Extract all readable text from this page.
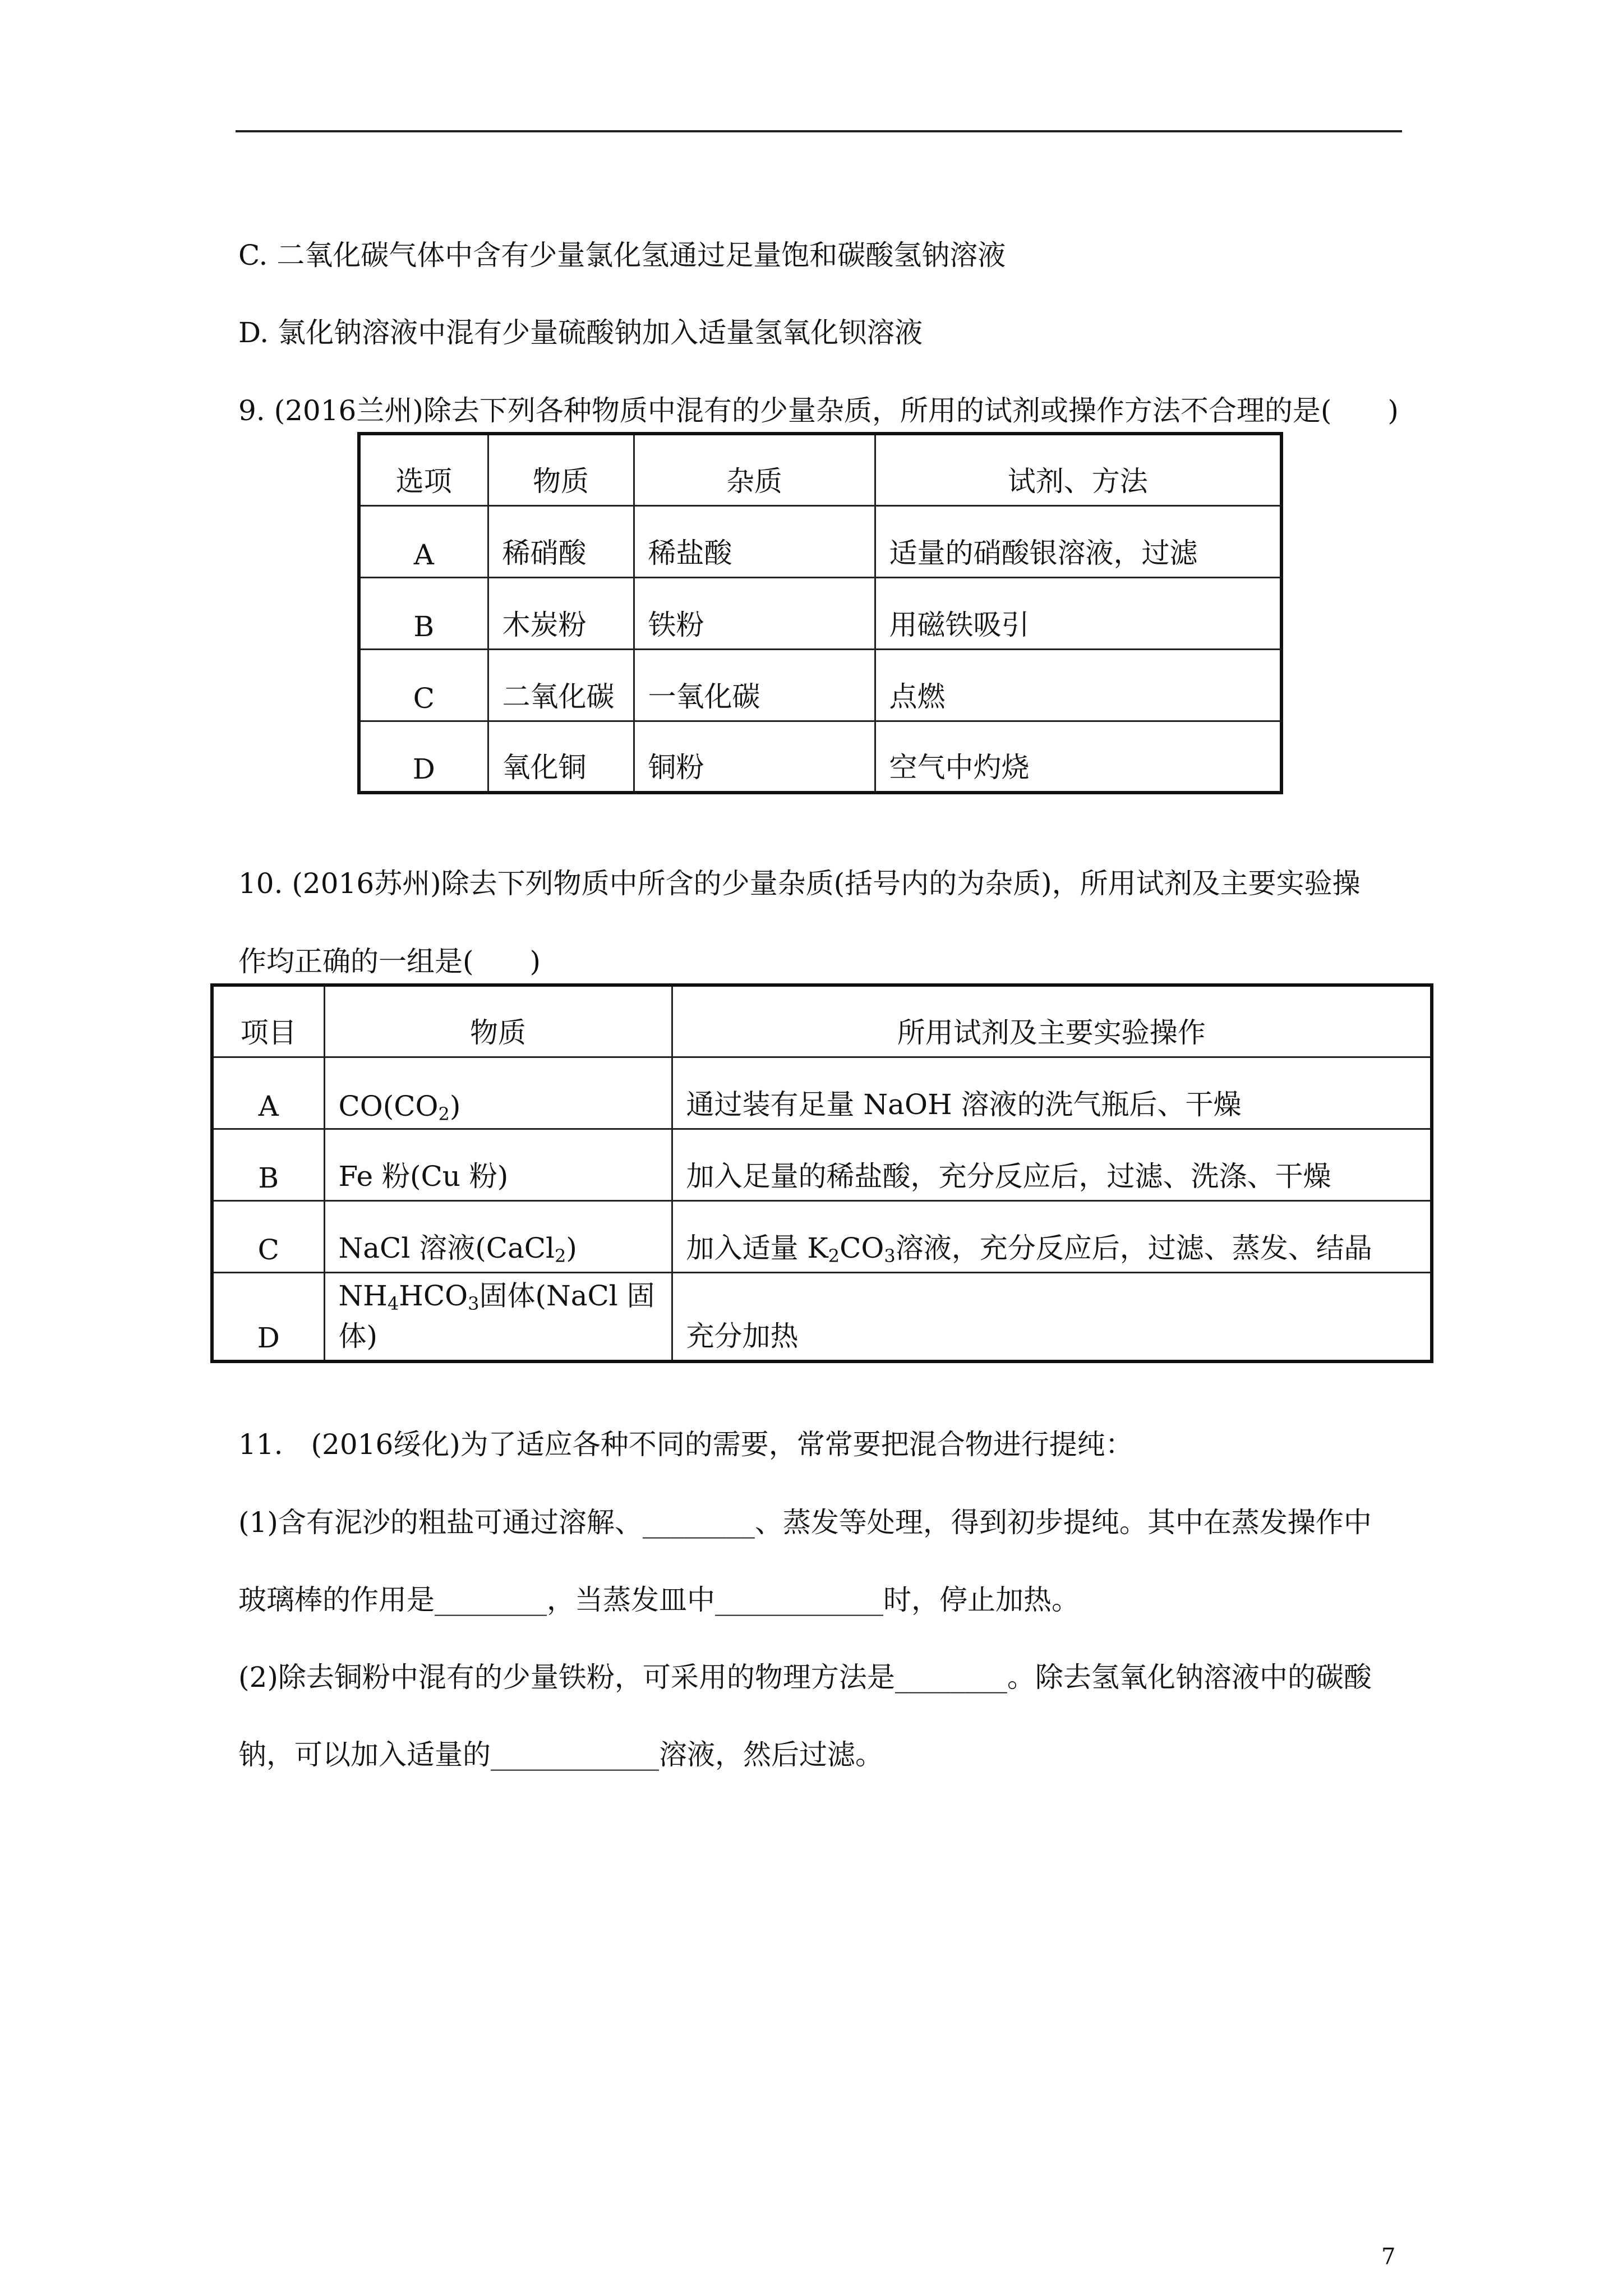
C. 二氧化碳气体中含有少量氯化氢通过足量饱和碳酸氢钠溶液
D. 氯化钠溶液中混有少量硫酸钠加入适量氢氧化钡溶液
9. (2016兰州)除去下列各种物质中混有的少量杂质，所用的试剂或操作方法不合理的是(　　)
选项	物质	杂质	试剂、方法
A	稀硝酸	稀盐酸	适量的硝酸银溶液，过滤
B	木炭粉	铁粉	用磁铁吸引
C	二氧化碳	一氧化碳	点燃
D	氧化铜	铜粉	空气中灼烧
10. (2016苏州)除去下列物质中所含的少量杂质(括号内的为杂质)，所用试剂及主要实验操
作均正确的一组是(　　)
项目	物质	所用试剂及主要实验操作
A	$CO(CO_2)$	通过装有足量 NaOH 溶液的洗气瓶后、干燥
B	Fe 粉(Cu 粉)	加入足量的稀盐酸，充分反应后，过滤、洗涤、干燥
C	NaCl 溶液(CaCl$_2$)	加入适量 $K_2CO_3$溶液，充分反应后，过滤、蒸发、结晶
D	$NH_4HCO_3$固体(NaCl 固体)	充分加热
11.　(2016绥化)为了适应各种不同的需要，常常要把混合物进行提纯：
(1)含有泥沙的粗盐可通过溶解、________、蒸发等处理，得到初步提纯。其中在蒸发操作中
玻璃棒的作用是________，当蒸发皿中____________时，停止加热。
(2)除去铜粉中混有的少量铁粉，可采用的物理方法是________。除去氢氧化钠溶液中的碳酸
钠，可以加入适量的____________溶液，然后过滤。
7
